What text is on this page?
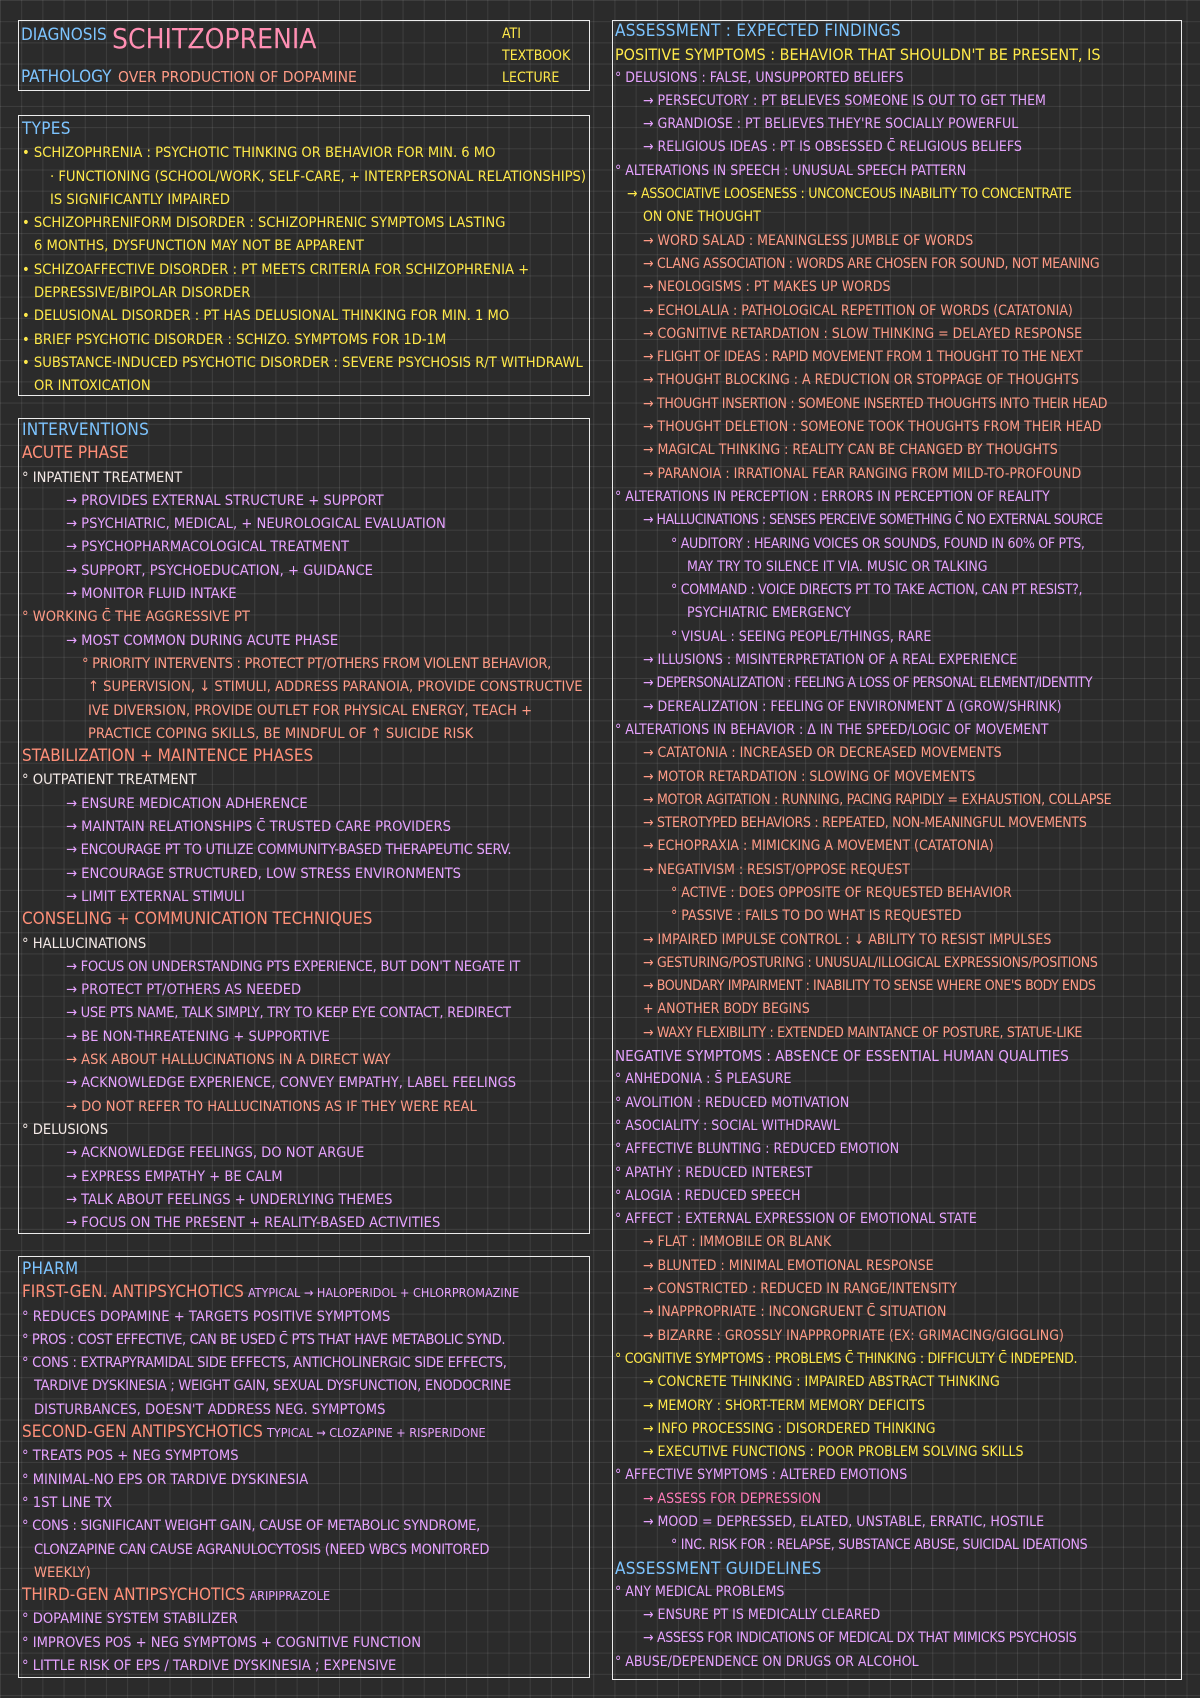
DIAGNOSIS SCHITZOPRENIA
PATHOLOGY OVER PRODUCTION OF DOPAMINE
ATI
TEXTBOOK
LECTURE
TYPES
• SCHIZOPHRENIA : PSYCHOTIC THINKING OR BEHAVIOR FOR MIN. 6 MO
· FUNCTIONING (SCHOOL/WORK, SELF-CARE, + INTERPERSONAL RELATIONSHIPS)
IS SIGNIFICANTLY IMPAIRED
• SCHIZOPHRENIFORM DISORDER : SCHIZOPHRENIC SYMPTOMS LASTING
6 MONTHS, DYSFUNCTION MAY NOT BE APPARENT
• SCHIZOAFFECTIVE DISORDER : PT MEETS CRITERIA FOR SCHIZOPHRENIA +
DEPRESSIVE/BIPOLAR DISORDER
• DELUSIONAL DISORDER : PT HAS DELUSIONAL THINKING FOR MIN. 1 MO
• BRIEF PSYCHOTIC DISORDER : SCHIZO. SYMPTOMS FOR 1D-1M
• SUBSTANCE-INDUCED PSYCHOTIC DISORDER : SEVERE PSYCHOSIS R/T WITHDRAWL
OR INTOXICATION
INTERVENTIONS
ACUTE PHASE
° INPATIENT TREATMENT
→ PROVIDES EXTERNAL STRUCTURE + SUPPORT
→ PSYCHIATRIC, MEDICAL, + NEUROLOGICAL EVALUATION
→ PSYCHOPHARMACOLOGICAL TREATMENT
→ SUPPORT, PSYCHOEDUCATION, + GUIDANCE
→ MONITOR FLUID INTAKE
° WORKING C̄ THE AGGRESSIVE PT
→ MOST COMMON DURING ACUTE PHASE
° PRIORITY INTERVENTS : PROTECT PT/OTHERS FROM VIOLENT BEHAVIOR,
↑ SUPERVISION, ↓ STIMULI, ADDRESS PARANOIA, PROVIDE CONSTRUCTIVE
IVE DIVERSION, PROVIDE OUTLET FOR PHYSICAL ENERGY, TEACH +
PRACTICE COPING SKILLS, BE MINDFUL OF ↑ SUICIDE RISK
STABILIZATION + MAINTENCE PHASES
° OUTPATIENT TREATMENT
→ ENSURE MEDICATION ADHERENCE
→ MAINTAIN RELATIONSHIPS C̄ TRUSTED CARE PROVIDERS
→ ENCOURAGE PT TO UTILIZE COMMUNITY-BASED THERAPEUTIC SERV.
→ ENCOURAGE STRUCTURED, LOW STRESS ENVIRONMENTS
→ LIMIT EXTERNAL STIMULI
CONSELING + COMMUNICATION TECHNIQUES
° HALLUCINATIONS
→ FOCUS ON UNDERSTANDING PTS EXPERIENCE, BUT DON'T NEGATE IT
→ PROTECT PT/OTHERS AS NEEDED
→ USE PTS NAME, TALK SIMPLY, TRY TO KEEP EYE CONTACT, REDIRECT
→ BE NON-THREATENING + SUPPORTIVE
→ ASK ABOUT HALLUCINATIONS IN A DIRECT WAY
→ ACKNOWLEDGE EXPERIENCE, CONVEY EMPATHY, LABEL FEELINGS
→ DO NOT REFER TO HALLUCINATIONS AS IF THEY WERE REAL
° DELUSIONS
→ ACKNOWLEDGE FEELINGS, DO NOT ARGUE
→ EXPRESS EMPATHY + BE CALM
→ TALK ABOUT FEELINGS + UNDERLYING THEMES
→ FOCUS ON THE PRESENT + REALITY-BASED ACTIVITIES
PHARM
FIRST-GEN. ANTIPSYCHOTICS ATYPICAL → HALOPERIDOL + CHLORPROMAZINE
° REDUCES DOPAMINE + TARGETS POSITIVE SYMPTOMS
° PROS : COST EFFECTIVE, CAN BE USED C̄ PTS THAT HAVE METABOLIC SYND.
° CONS : EXTRAPYRAMIDAL SIDE EFFECTS, ANTICHOLINERGIC SIDE EFFECTS,
TARDIVE DYSKINESIA ; WEIGHT GAIN, SEXUAL DYSFUNCTION, ENODOCRINE
DISTURBANCES, DOESN'T ADDRESS NEG. SYMPTOMS
SECOND-GEN ANTIPSYCHOTICS TYPICAL → CLOZAPINE + RISPERIDONE
° TREATS POS + NEG SYMPTOMS
° MINIMAL-NO EPS OR TARDIVE DYSKINESIA
° 1ST LINE TX
° CONS : SIGNIFICANT WEIGHT GAIN, CAUSE OF METABOLIC SYNDROME,
CLONZAPINE CAN CAUSE AGRANULOCYTOSIS (NEED WBCS MONITORED
WEEKLY)
THIRD-GEN ANTIPSYCHOTICS ARIPIPRAZOLE
° DOPAMINE SYSTEM STABILIZER
° IMPROVES POS + NEG SYMPTOMS + COGNITIVE FUNCTION
° LITTLE RISK OF EPS / TARDIVE DYSKINESIA ; EXPENSIVE
ASSESSMENT : EXPECTED FINDINGS
POSITIVE SYMPTOMS : BEHAVIOR THAT SHOULDN'T BE PRESENT, IS
° DELUSIONS : FALSE, UNSUPPORTED BELIEFS
→ PERSECUTORY : PT BELIEVES SOMEONE IS OUT TO GET THEM
→ GRANDIOSE : PT BELIEVES THEY'RE SOCIALLY POWERFUL
→ RELIGIOUS IDEAS : PT IS OBSESSED C̄ RELIGIOUS BELIEFS
° ALTERATIONS IN SPEECH : UNUSUAL SPEECH PATTERN
→ ASSOCIATIVE LOOSENESS : UNCONCEOUS INABILITY TO CONCENTRATE
ON ONE THOUGHT
→ WORD SALAD : MEANINGLESS JUMBLE OF WORDS
→ CLANG ASSOCIATION : WORDS ARE CHOSEN FOR SOUND, NOT MEANING
→ NEOLOGISMS : PT MAKES UP WORDS
→ ECHOLALIA : PATHOLOGICAL REPETITION OF WORDS (CATATONIA)
→ COGNITIVE RETARDATION : SLOW THINKING = DELAYED RESPONSE
→ FLIGHT OF IDEAS : RAPID MOVEMENT FROM 1 THOUGHT TO THE NEXT
→ THOUGHT BLOCKING : A REDUCTION OR STOPPAGE OF THOUGHTS
→ THOUGHT INSERTION : SOMEONE INSERTED THOUGHTS INTO THEIR HEAD
→ THOUGHT DELETION : SOMEONE TOOK THOUGHTS FROM THEIR HEAD
→ MAGICAL THINKING : REALITY CAN BE CHANGED BY THOUGHTS
→ PARANOIA : IRRATIONAL FEAR RANGING FROM MILD-TO-PROFOUND
° ALTERATIONS IN PERCEPTION : ERRORS IN PERCEPTION OF REALITY
→ HALLUCINATIONS : SENSES PERCEIVE SOMETHING C̄ NO EXTERNAL SOURCE
° AUDITORY : HEARING VOICES OR SOUNDS, FOUND IN 60% OF PTS,
MAY TRY TO SILENCE IT VIA. MUSIC OR TALKING
° COMMAND : VOICE DIRECTS PT TO TAKE ACTION, CAN PT RESIST?,
PSYCHIATRIC EMERGENCY
° VISUAL : SEEING PEOPLE/THINGS, RARE
→ ILLUSIONS : MISINTERPRETATION OF A REAL EXPERIENCE
→ DEPERSONALIZATION : FEELING A LOSS OF PERSONAL ELEMENT/IDENTITY
→ DEREALIZATION : FEELING OF ENVIRONMENT Δ (GROW/SHRINK)
° ALTERATIONS IN BEHAVIOR : Δ IN THE SPEED/LOGIC OF MOVEMENT
→ CATATONIA : INCREASED OR DECREASED MOVEMENTS
→ MOTOR RETARDATION : SLOWING OF MOVEMENTS
→ MOTOR AGITATION : RUNNING, PACING RAPIDLY = EXHAUSTION, COLLAPSE
→ STEROTYPED BEHAVIORS : REPEATED, NON-MEANINGFUL MOVEMENTS
→ ECHOPRAXIA : MIMICKING A MOVEMENT (CATATONIA)
→ NEGATIVISM : RESIST/OPPOSE REQUEST
° ACTIVE : DOES OPPOSITE OF REQUESTED BEHAVIOR
° PASSIVE : FAILS TO DO WHAT IS REQUESTED
→ IMPAIRED IMPULSE CONTROL : ↓ ABILITY TO RESIST IMPULSES
→ GESTURING/POSTURING : UNUSUAL/ILLOGICAL EXPRESSIONS/POSITIONS
→ BOUNDARY IMPAIRMENT : INABILITY TO SENSE WHERE ONE'S BODY ENDS
+ ANOTHER BODY BEGINS
→ WAXY FLEXIBILITY : EXTENDED MAINTANCE OF POSTURE, STATUE-LIKE
NEGATIVE SYMPTOMS : ABSENCE OF ESSENTIAL HUMAN QUALITIES
° ANHEDONIA : S̄ PLEASURE
° AVOLITION : REDUCED MOTIVATION
° ASOCIALITY : SOCIAL WITHDRAWL
° AFFECTIVE BLUNTING : REDUCED EMOTION
° APATHY : REDUCED INTEREST
° ALOGIA : REDUCED SPEECH
° AFFECT : EXTERNAL EXPRESSION OF EMOTIONAL STATE
→ FLAT : IMMOBILE OR BLANK
→ BLUNTED : MINIMAL EMOTIONAL RESPONSE
→ CONSTRICTED : REDUCED IN RANGE/INTENSITY
→ INAPPROPRIATE : INCONGRUENT C̄ SITUATION
→ BIZARRE : GROSSLY INAPPROPRIATE (EX: GRIMACING/GIGGLING)
° COGNITIVE SYMPTOMS : PROBLEMS C̄ THINKING : DIFFICULTY C̄ INDEPEND.
→ CONCRETE THINKING : IMPAIRED ABSTRACT THINKING
→ MEMORY : SHORT-TERM MEMORY DEFICITS
→ INFO PROCESSING : DISORDERED THINKING
→ EXECUTIVE FUNCTIONS : POOR PROBLEM SOLVING SKILLS
° AFFECTIVE SYMPTOMS : ALTERED EMOTIONS
→ ASSESS FOR DEPRESSION
→ MOOD = DEPRESSED, ELATED, UNSTABLE, ERRATIC, HOSTILE
° INC. RISK FOR : RELAPSE, SUBSTANCE ABUSE, SUICIDAL IDEATIONS
ASSESSMENT GUIDELINES
° ANY MEDICAL PROBLEMS
→ ENSURE PT IS MEDICALLY CLEARED
→ ASSESS FOR INDICATIONS OF MEDICAL DX THAT MIMICKS PSYCHOSIS
° ABUSE/DEPENDENCE ON DRUGS OR ALCOHOL
